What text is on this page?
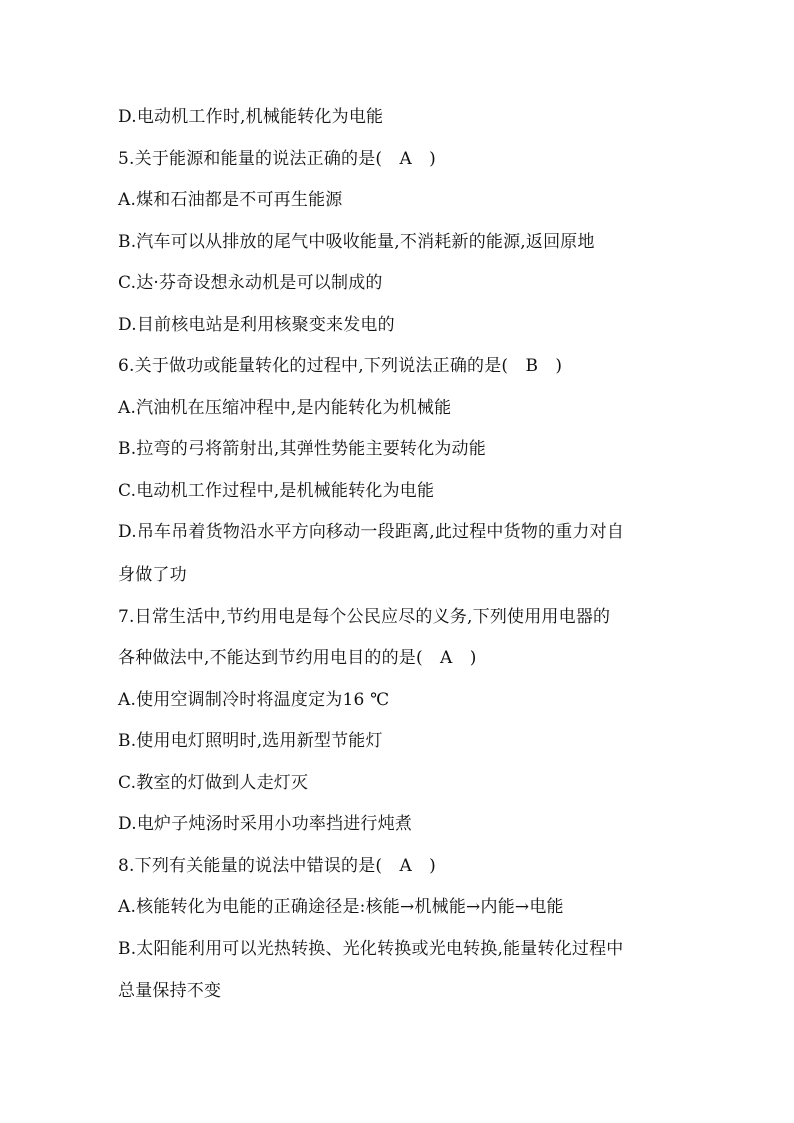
D.电动机工作时,机械能转化为电能
5.关于能源和能量的说法正确的是(　A　)
A.煤和石油都是不可再生能源
B.汽车可以从排放的尾气中吸收能量,不消耗新的能源,返回原地
C.达·芬奇设想永动机是可以制成的
D.目前核电站是利用核聚变来发电的
6.关于做功或能量转化的过程中,下列说法正确的是(　B　)
A.汽油机在压缩冲程中,是内能转化为机械能
B.拉弯的弓将箭射出,其弹性势能主要转化为动能
C.电动机工作过程中,是机械能转化为电能
D.吊车吊着货物沿水平方向移动一段距离,此过程中货物的重力对自
身做了功
7.日常生活中,节约用电是每个公民应尽的义务,下列使用用电器的
各种做法中,不能达到节约用电目的的是(　A　)
A.使用空调制冷时将温度定为16 ℃
B.使用电灯照明时,选用新型节能灯
C.教室的灯做到人走灯灭
D.电炉子炖汤时采用小功率挡进行炖煮
8.下列有关能量的说法中错误的是(　A　)
A.核能转化为电能的正确途径是:核能→机械能→内能→电能
B.太阳能利用可以光热转换、光化转换或光电转换,能量转化过程中
总量保持不变
